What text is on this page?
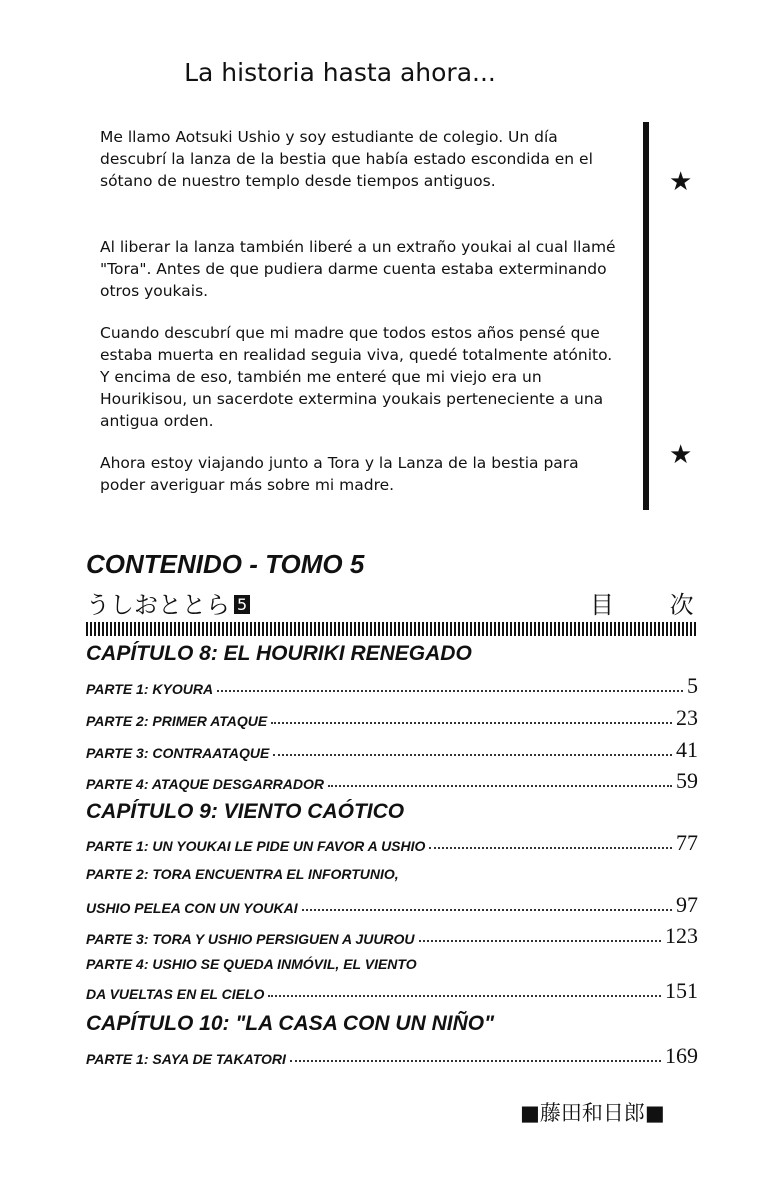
La historia hasta ahora...

Me llamo Aotsuki Ushio y soy estudiante de colegio. Un día descubrí la lanza de la bestia que había estado escondida en el sótano de nuestro templo desde tiempos antiguos.

Al liberar la lanza también liberé a un extraño youkai al cual llamé "Tora". Antes de que pudiera darme cuenta estaba exterminando otros youkais.

Cuando descubrí que mi madre que todos estos años pensé que estaba muerta en realidad seguia viva, quedé totalmente atónito. Y encima de eso, también me enteré que mi viejo era un Hourikisou, un sacerdote extermina youkais perteneciente a una antigua orden.

Ahora estoy viajando junto a Tora y la Lanza de la bestia para poder averiguar más sobre mi madre.

★
★
CONTENIDO - TOMO 5
うしおととら 5	目 次
CAPÍTULO 8: EL HOURIKI RENEGADO
PARTE 1: KYOURA	5
PARTE 2: PRIMER ATAQUE	23
PARTE 3: CONTRAATAQUE	41
PARTE 4: ATAQUE DESGARRADOR	59
CAPÍTULO 9: VIENTO CAÓTICO
PARTE 1: UN YOUKAI LE PIDE UN FAVOR A USHIO	77
PARTE 2: TORA ENCUENTRA EL INFORTUNIO,
USHIO PELEA CON UN YOUKAI	97
PARTE 3: TORA Y USHIO PERSIGUEN A JUUROU	123
PARTE 4: USHIO SE QUEDA INMÓVIL, EL VIENTO
DA VUELTAS EN EL CIELO	151
CAPÍTULO 10: "LA CASA CON UN NIÑO"
PARTE 1: SAYA DE TAKATORI	169
■藤田和日郎■
